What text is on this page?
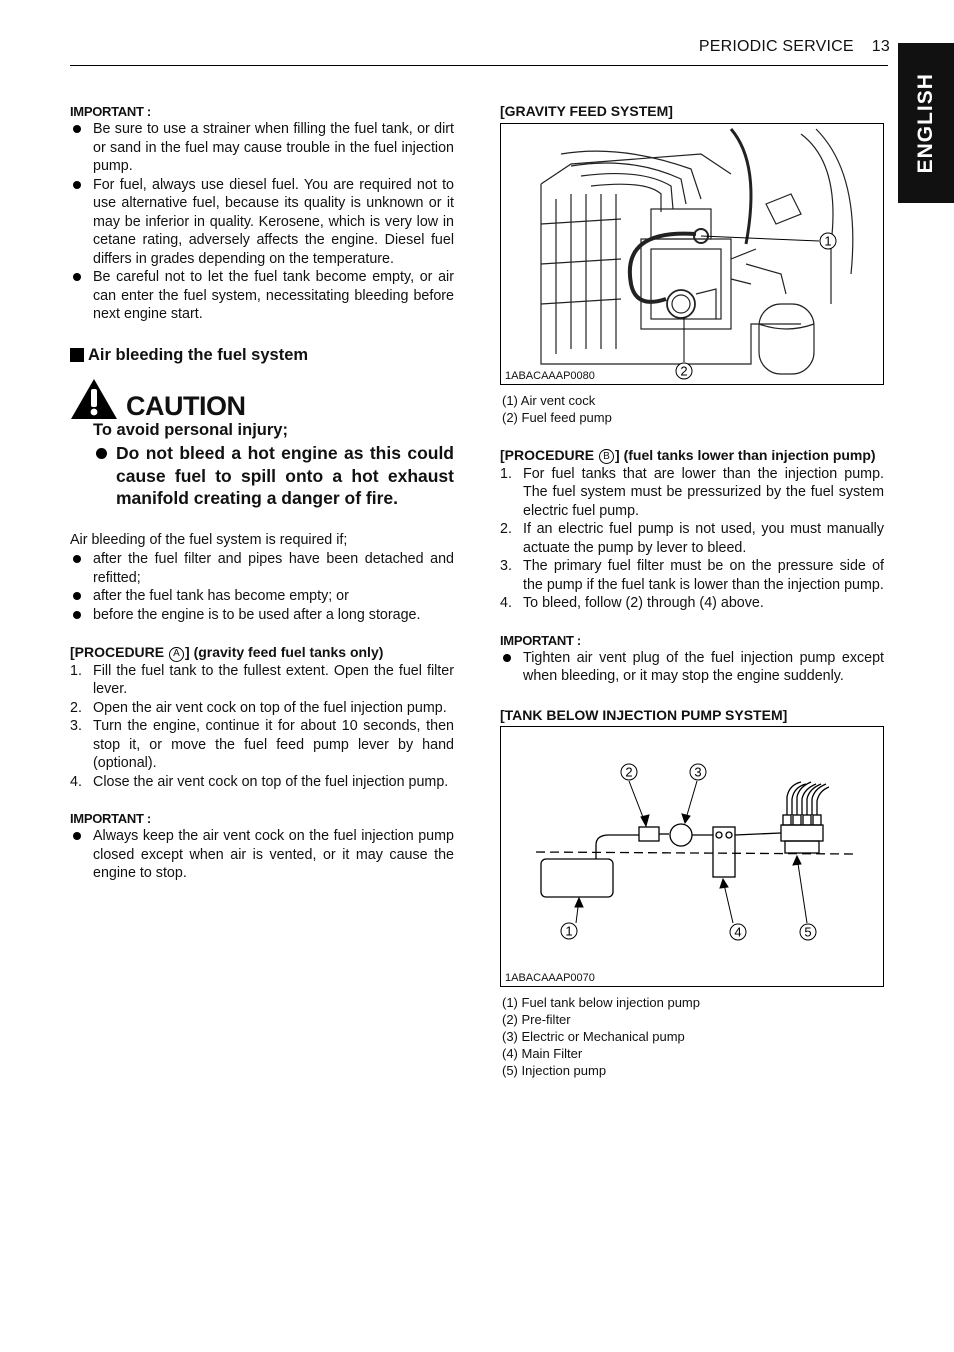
PERIODIC SERVICE 13
ENGLISH
IMPORTANT :
Be sure to use a strainer when filling the fuel tank, or dirt or sand in the fuel may cause trouble in the fuel injection pump.
For fuel, always use diesel fuel. You are required not to use alternative fuel, because its quality is unknown or it may be inferior in quality. Kerosene, which is very low in cetane rating, adversely affects the engine. Diesel fuel differs in grades depending on the temperature.
Be careful not to let the fuel tank become empty, or air can enter the fuel system, necessitating bleeding before next engine start.
Air bleeding the fuel system
CAUTION
To avoid personal injury;
Do not bleed a hot engine as this could cause fuel to spill onto a hot exhaust manifold creating a danger of fire.
Air bleeding of the fuel system is required if;
after the fuel filter and pipes have been detached and refitted;
after the fuel tank has become empty; or
before the engine is to be used after a long storage.
[PROCEDURE A ] (gravity feed fuel tanks only)
1. Fill the fuel tank to the fullest extent. Open the fuel filter lever.
2. Open the air vent cock on top of the fuel injection pump.
3. Turn the engine, continue it for about 10 seconds, then stop it, or move the fuel feed pump lever by hand (optional).
4. Close the air vent cock on top of the fuel injection pump.
IMPORTANT :
Always keep the air vent cock on the fuel injection pump closed except when air is vented, or it may cause the engine to stop.
[GRAVITY FEED SYSTEM]
1
2
1ABACAAAP0080
(1) Air vent cock
(2) Fuel feed pump
[PROCEDURE B ] (fuel tanks lower than injection pump)
1. For fuel tanks that are lower than the injection pump. The fuel system must be pressurized by the fuel system electric fuel pump.
2. If an electric fuel pump is not used, you must manually actuate the pump by lever to bleed.
3. The primary fuel filter must be on the pressure side of the pump if the fuel tank is lower than the injection pump.
4. To bleed, follow (2) through (4) above.
IMPORTANT :
Tighten air vent plug of the fuel injection pump except when bleeding, or it may stop the engine suddenly.
[TANK BELOW INJECTION PUMP SYSTEM]
2	3
1	4	5
1ABACAAAP0070
(1) Fuel tank below injection pump
(2) Pre-filter
(3) Electric or Mechanical pump
(4) Main Filter
(5) Injection pump
